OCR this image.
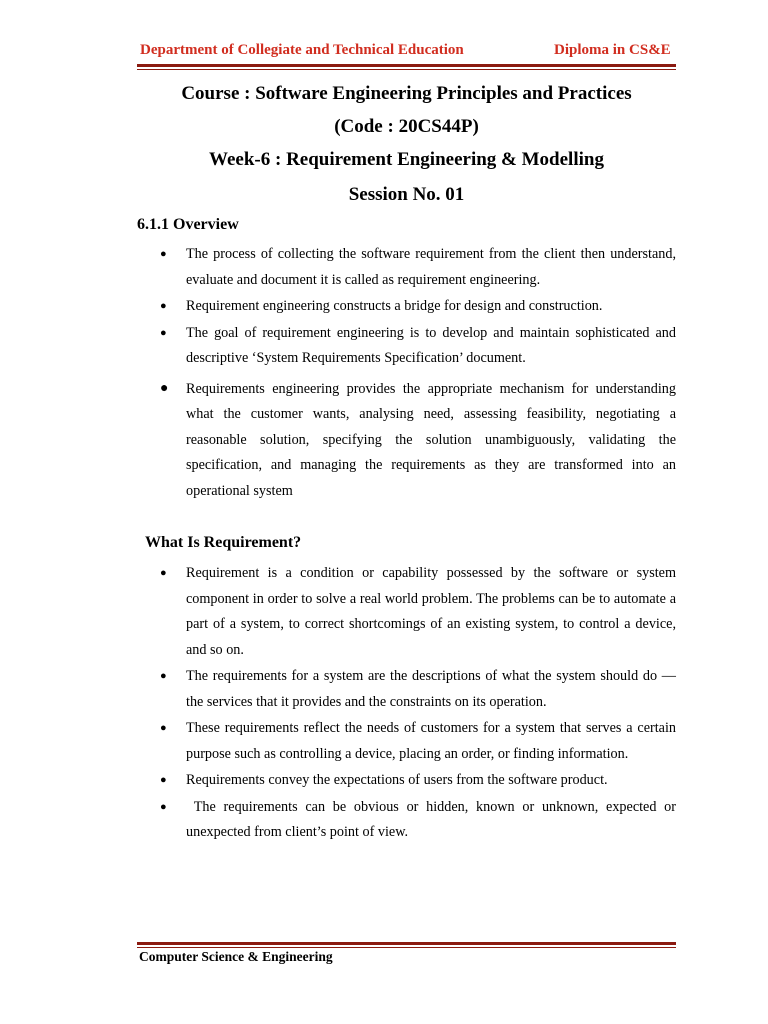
Department of Collegiate and Technical Education	Diploma in CS&E
Course : Software Engineering Principles and Practices
(Code : 20CS44P)
Week-6 : Requirement Engineering & Modelling
Session No. 01
6.1.1 Overview
● The process of collecting the software requirement from the client then understand, evaluate and document it is called as requirement engineering.
● Requirement engineering constructs a bridge for design and construction.
● The goal of requirement engineering is to develop and maintain sophisticated and descriptive ‘System Requirements Specification’ document.
● Requirements engineering provides the appropriate mechanism for understanding what the customer wants, analysing need, assessing feasibility, negotiating a reasonable solution, specifying the solution unambiguously, validating the specification, and managing the requirements as they are transformed into an operational system
What Is Requirement?
● Requirement is a condition or capability possessed by the software or system component in order to solve a real world problem. The problems can be to automate a part of a system, to correct shortcomings of an existing system, to control a device, and so on.
● The requirements for a system are the descriptions of what the system should do — the services that it provides and the constraints on its operation.
● These requirements reflect the needs of customers for a system that serves a certain purpose such as controlling a device, placing an order, or finding information.
● Requirements convey the expectations of users from the software product.
● The requirements can be obvious or hidden, known or unknown, expected or unexpected from client’s point of view.
Computer Science & Engineering
